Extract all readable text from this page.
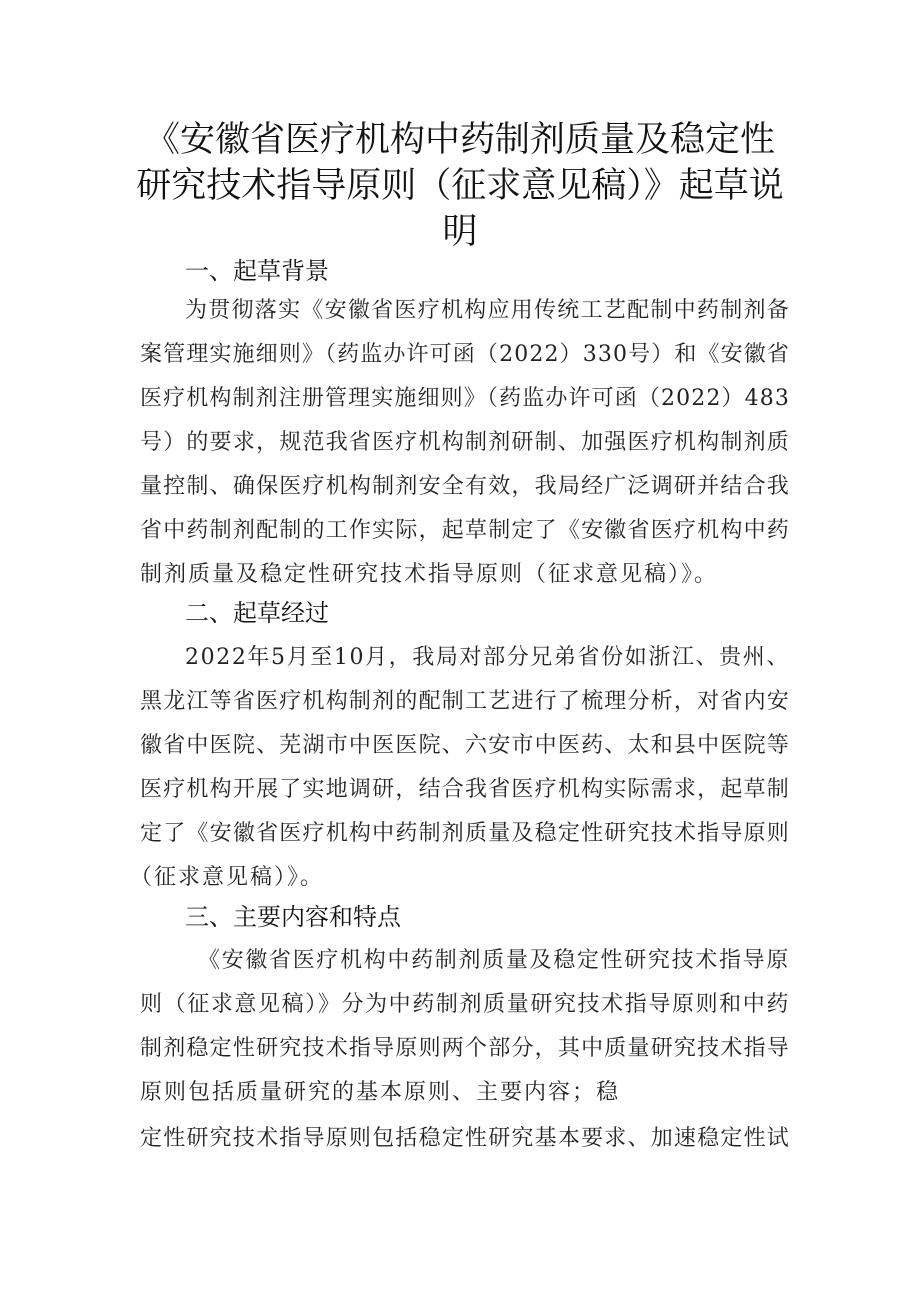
《安徽省医疗机构中药制剂质量及稳定性
研究技术指导原则（征求意见稿）》起草说
明
一、起草背景
为贯彻落实《安徽省医疗机构应用传统工艺配制中药制剂备
案管理实施细则》（药监办许可函（2022）330号）和《安徽省
医疗机构制剂注册管理实施细则》（药监办许可函（2022）483
号）的要求，规范我省医疗机构制剂研制、加强医疗机构制剂质
量控制、确保医疗机构制剂安全有效，我局经广泛调研并结合我
省中药制剂配制的工作实际，起草制定了《安徽省医疗机构中药
制剂质量及稳定性研究技术指导原则（征求意见稿）》。
二、起草经过
2022年5月至10月，我局对部分兄弟省份如浙江、贵州、
黑龙江等省医疗机构制剂的配制工艺进行了梳理分析，对省内安
徽省中医院、芜湖市中医医院、六安市中医药、太和县中医院等
医疗机构开展了实地调研，结合我省医疗机构实际需求，起草制
定了《安徽省医疗机构中药制剂质量及稳定性研究技术指导原则
（征求意见稿）》。
三、主要内容和特点
《安徽省医疗机构中药制剂质量及稳定性研究技术指导原
则（征求意见稿）》分为中药制剂质量研究技术指导原则和中药
制剂稳定性研究技术指导原则两个部分，其中质量研究技术指导
原则包括质量研究的基本原则、主要内容；稳
定性研究技术指导原则包括稳定性研究基本要求、加速稳定性试
